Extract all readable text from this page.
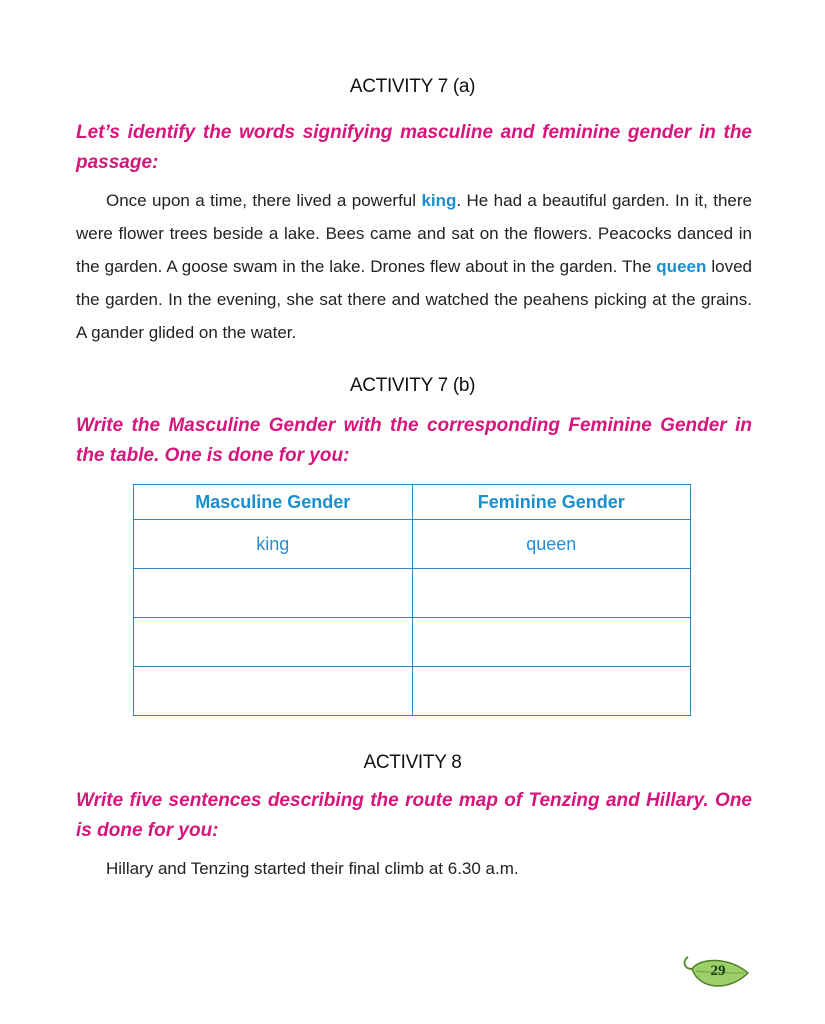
ACTIVITY 7 (a)
Let’s identify the words signifying masculine and feminine gender in the passage:
Once upon a time, there lived a powerful king. He had a beautiful garden. In it, there were flower trees beside a lake. Bees came and sat on the flowers. Peacocks danced in the garden. A goose swam in the lake. Drones flew about in the garden. The queen loved the garden. In the evening, she sat there and watched the peahens picking at the grains. A gander glided on the water.
ACTIVITY 7 (b)
Write the Masculine Gender with the corresponding Feminine Gender in the table. One is done for you:
Masculine Gender	Feminine Gender
king	queen

ACTIVITY 8
Write five sentences describing the route map of Tenzing and Hillary. One is done for you:
Hillary and Tenzing started their final climb at 6.30 a.m.
29
